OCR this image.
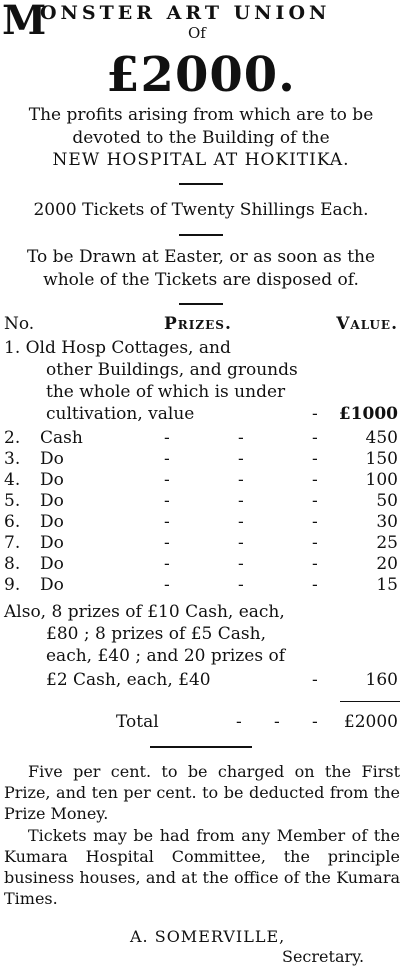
M
ONSTER ART UNION
Of
£2000.
The profits arising from which are to be
devoted to the Building of the
NEW HOSPITAL AT HOKITIKA.
2000 Tickets of Twenty Shillings Each.
To be Drawn at Easter, or as soon as the
whole of the Tickets are disposed of.
No.	Prizes.	Value.
1. Old Hosp Cottages, and
other Buildings, and grounds
the whole of which is under
cultivation, value	- £1000
2. Cash	-	-	-	450
3. Do	-	-	-	150
4. Do	-	-	-	100
5. Do	-	-	-	50
6. Do	-	-	-	30
7. Do	-	-	-	25
8. Do	-	-	-	20
9. Do	-	-	-	15
Also, 8 prizes of £10 Cash, each,
£80 ; 8 prizes of £5 Cash,
each, £40 ; and 20 prizes of
£2 Cash, each, £40	-	160
Total	- - - £2000
Five per cent. to be charged on the First Prize, and ten per cent. to be deducted from the Prize Money.
Tickets may be had from any Member of the Kumara Hospital Committee, the principle business houses, and at the office of the Kumara Times.
A. SOMERVILLE,
Secretary.
